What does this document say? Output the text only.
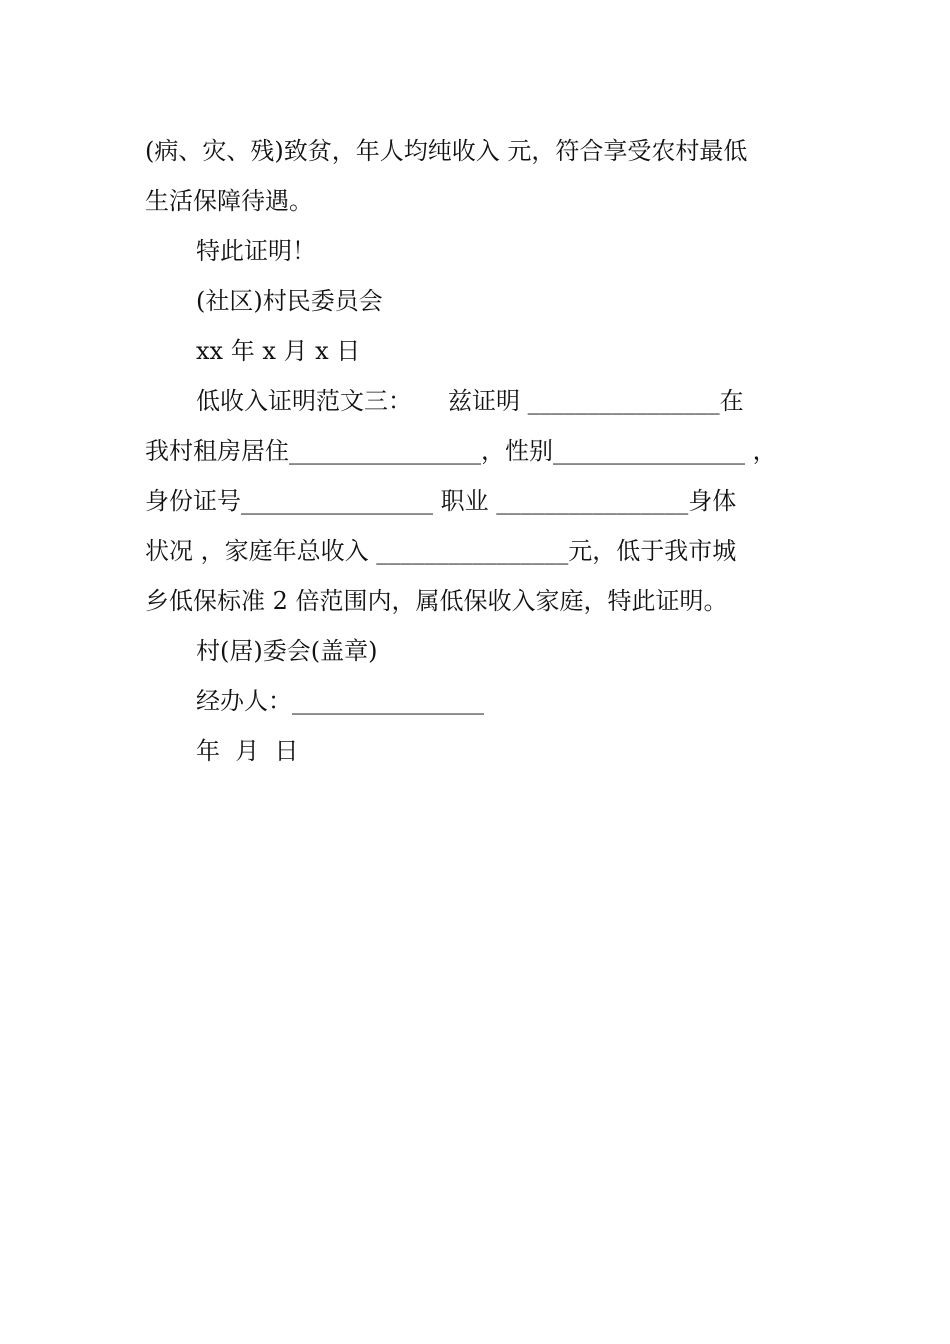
(病、灾、残)致贫，年人均纯收入 元，符合享受农村最低
生活保障待遇。
特此证明！
(社区)村民委员会
xx 年 x 月 x 日
低收入证明范文三：　　兹证明 ________________在
我村租房居住________________，性别________________ ，
身份证号________________ 职业 ________________身体
状况 ，家庭年总收入 ________________元，低于我市城
乡低保标准 2 倍范围内，属低保收入家庭，特此证明。
村(居)委会(盖章)
经办人：________________
年  月  日
